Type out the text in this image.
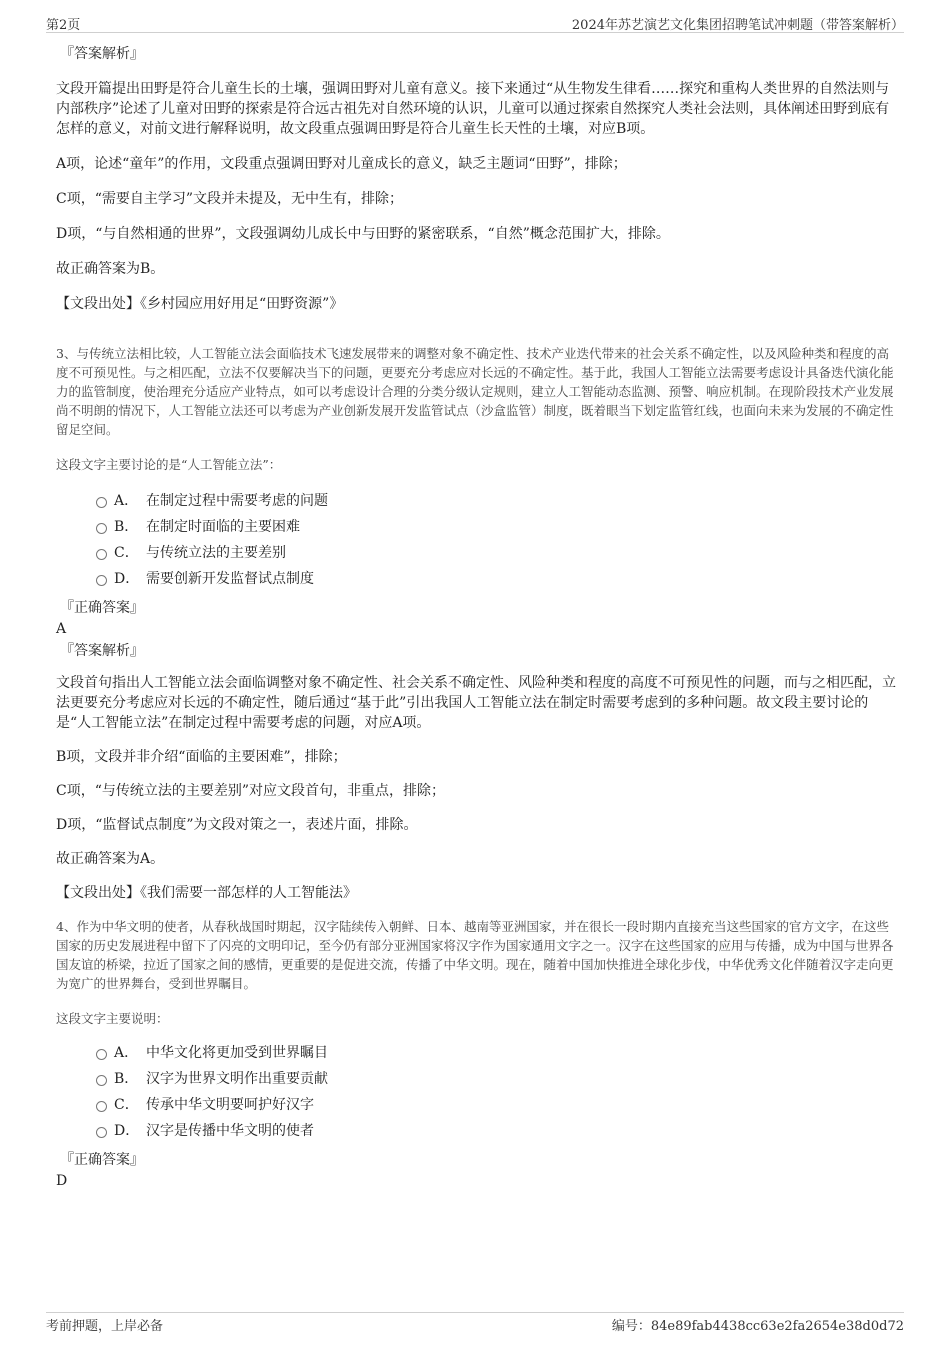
第2页	2024年苏艺演艺文化集团招聘笔试冲刺题（带答案解析）

『答案解析』

文段开篇提出田野是符合儿童生长的土壤，强调田野对儿童有意义。接下来通过“从生物发生律看……探究和重构人类世界的自然法则与内部秩序”论述了儿童对田野的探索是符合远古祖先对自然环境的认识，儿童可以通过探索自然探究人类社会法则，具体阐述田野到底有怎样的意义，对前文进行解释说明，故文段重点强调田野是符合儿童生长天性的土壤，对应B项。

A项，论述“童年”的作用，文段重点强调田野对儿童成长的意义，缺乏主题词“田野”，排除；

C项，“需要自主学习”文段并未提及，无中生有，排除；

D项，“与自然相通的世界”，文段强调幼儿成长中与田野的紧密联系，“自然”概念范围扩大，排除。

故正确答案为B。

【文段出处】《乡村园应用好用足“田野资源”》

3、与传统立法相比较，人工智能立法会面临技术飞速发展带来的调整对象不确定性、技术产业迭代带来的社会关系不确定性，以及风险种类和程度的高度不可预见性。与之相匹配，立法不仅要解决当下的问题，更要充分考虑应对长远的不确定性。基于此，我国人工智能立法需要考虑设计具备迭代演化能力的监管制度，使治理充分适应产业特点，如可以考虑设计合理的分类分级认定规则，建立人工智能动态监测、预警、响应机制。在现阶段技术产业发展尚不明朗的情况下，人工智能立法还可以考虑为产业创新发展开发监管试点（沙盒监管）制度，既着眼当下划定监管红线，也面向未来为发展的不确定性留足空间。

这段文字主要讨论的是“人工智能立法”：

A． 在制定过程中需要考虑的问题
B． 在制定时面临的主要困难
C． 与传统立法的主要差别
D． 需要创新开发监督试点制度

『正确答案』

A

『答案解析』

文段首句指出人工智能立法会面临调整对象不确定性、社会关系不确定性、风险种类和程度的高度不可预见性的问题，而与之相匹配，立法更要充分考虑应对长远的不确定性，随后通过“基于此”引出我国人工智能立法在制定时需要考虑到的多种问题。故文段主要讨论的是“人工智能立法”在制定过程中需要考虑的问题，对应A项。

B项，文段并非介绍“面临的主要困难”，排除；

C项，“与传统立法的主要差别”对应文段首句，非重点，排除；

D项，“监督试点制度”为文段对策之一，表述片面，排除。

故正确答案为A。

【文段出处】《我们需要一部怎样的人工智能法》

4、作为中华文明的使者，从春秋战国时期起，汉字陆续传入朝鲜、日本、越南等亚洲国家，并在很长一段时期内直接充当这些国家的官方文字，在这些国家的历史发展进程中留下了闪亮的文明印记，至今仍有部分亚洲国家将汉字作为国家通用文字之一。汉字在这些国家的应用与传播，成为中国与世界各国友谊的桥梁，拉近了国家之间的感情，更重要的是促进交流，传播了中华文明。现在，随着中国加快推进全球化步伐，中华优秀文化伴随着汉字走向更为宽广的世界舞台，受到世界瞩目。

这段文字主要说明：

A． 中华文化将更加受到世界瞩目
B． 汉字为世界文明作出重要贡献
C． 传承中华文明要呵护好汉字
D． 汉字是传播中华文明的使者

『正确答案』

D

考前押题，上岸必备	编号：84e89fab4438cc63e2fa2654e38d0d72
